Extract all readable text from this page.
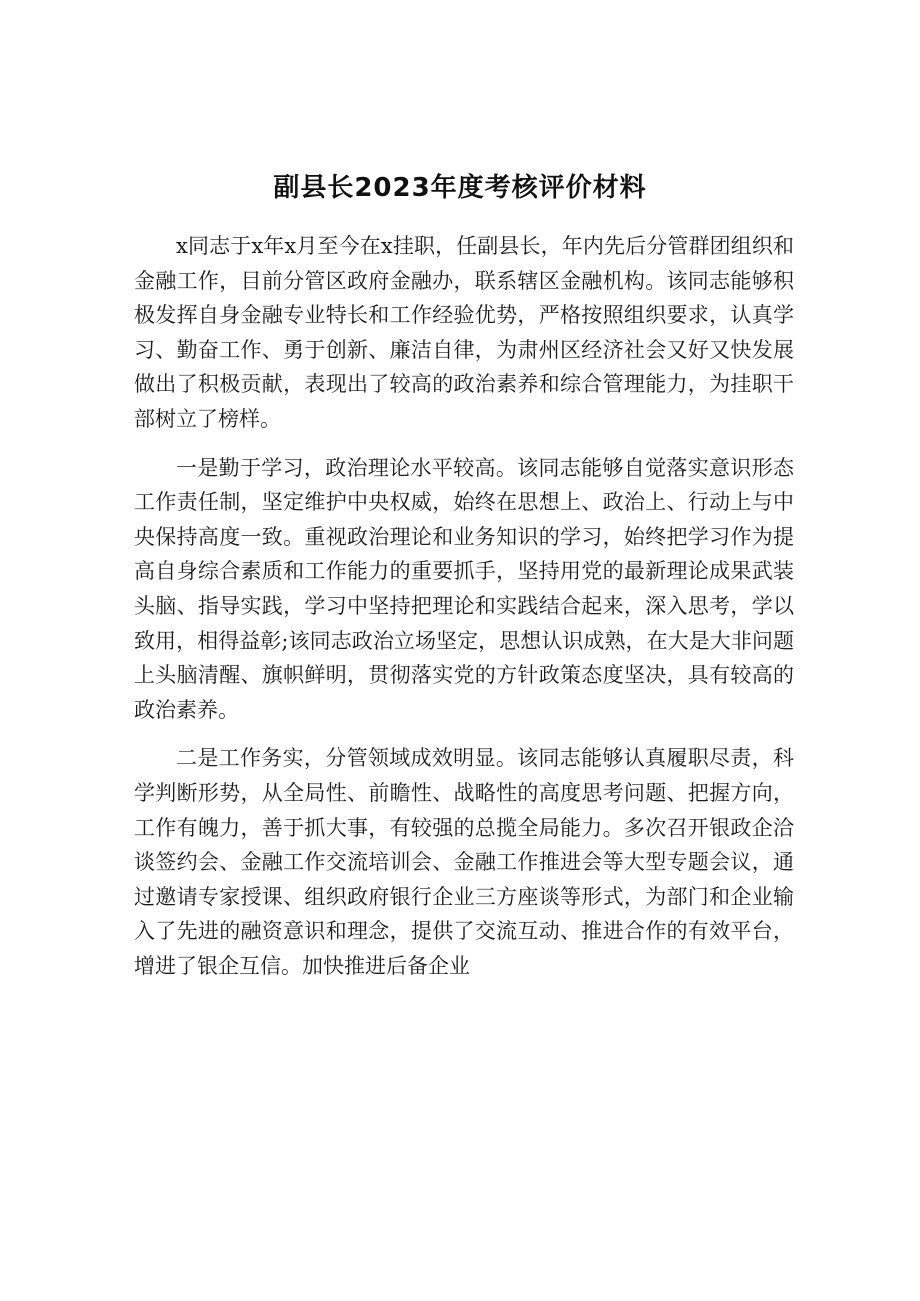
副县长2023年度考核评价材料

x同志于x年x月至今在x挂职，任副县长，年内先后分管群团组织和金融工作，目前分管区政府金融办，联系辖区金融机构。该同志能够积极发挥自身金融专业特长和工作经验优势，严格按照组织要求，认真学习、勤奋工作、勇于创新、廉洁自律，为肃州区经济社会又好又快发展做出了积极贡献，表现出了较高的政治素养和综合管理能力，为挂职干部树立了榜样。

一是勤于学习，政治理论水平较高。该同志能够自觉落实意识形态工作责任制，坚定维护中央权威，始终在思想上、政治上、行动上与中央保持高度一致。重视政治理论和业务知识的学习，始终把学习作为提高自身综合素质和工作能力的重要抓手，坚持用党的最新理论成果武装头脑、指导实践，学习中坚持把理论和实践结合起来，深入思考，学以致用，相得益彰;该同志政治立场坚定，思想认识成熟，在大是大非问题上头脑清醒、旗帜鲜明，贯彻落实党的方针政策态度坚决，具有较高的政治素养。

二是工作务实，分管领域成效明显。该同志能够认真履职尽责，科学判断形势，从全局性、前瞻性、战略性的高度思考问题、把握方向，工作有魄力，善于抓大事，有较强的总揽全局能力。多次召开银政企洽谈签约会、金融工作交流培训会、金融工作推进会等大型专题会议，通过邀请专家授课、组织政府银行企业三方座谈等形式，为部门和企业输入了先进的融资意识和理念，提供了交流互动、推进合作的有效平台，增进了银企互信。加快推进后备企业
